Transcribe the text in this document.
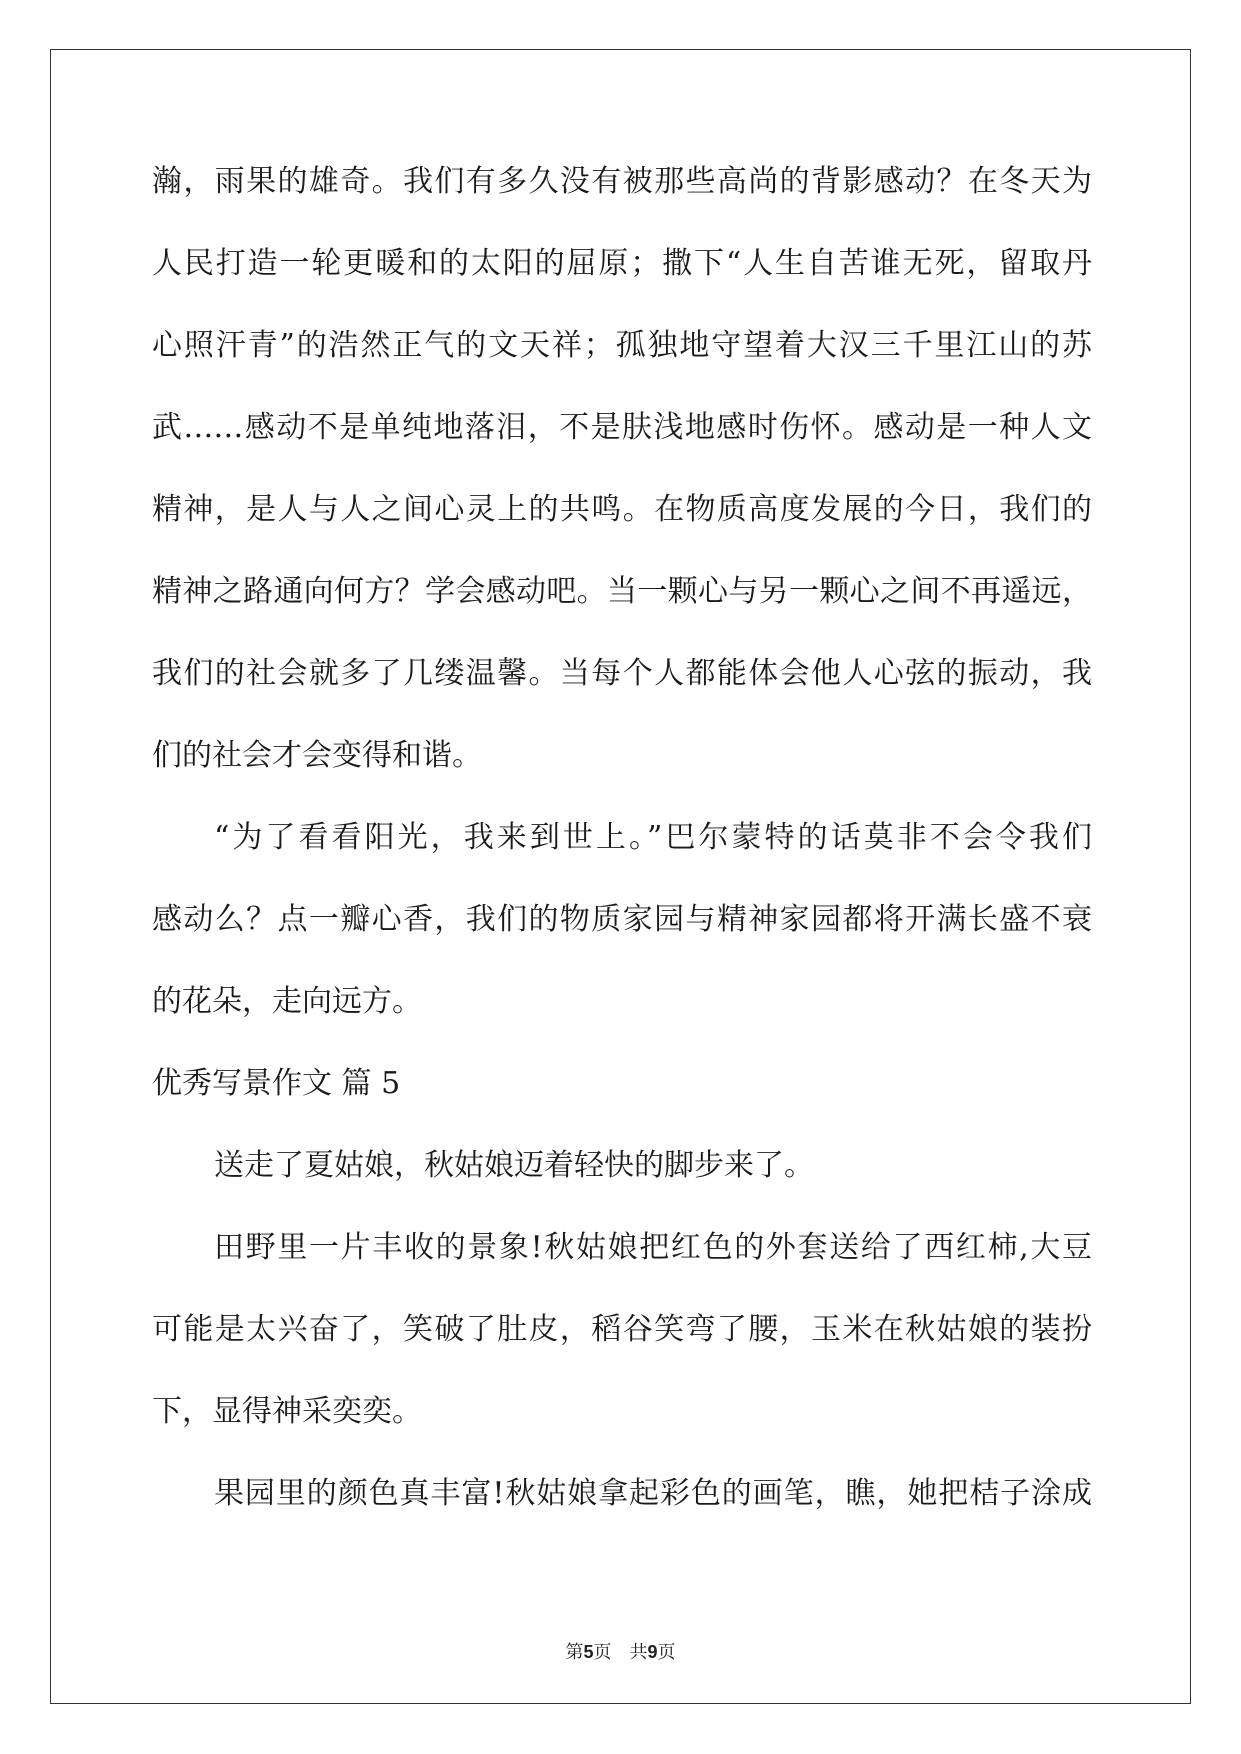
瀚，雨果的雄奇。我们有多久没有被那些高尚的背影感动？在冬天为
人民打造一轮更暖和的太阳的屈原；撒下“人生自苦谁无死，留取丹
心照汗青”的浩然正气的文天祥；孤独地守望着大汉三千里江山的苏
武……感动不是单纯地落泪，不是肤浅地感时伤怀。感动是一种人文
精神，是人与人之间心灵上的共鸣。在物质高度发展的今日，我们的
精神之路通向何方？学会感动吧。当一颗心与另一颗心之间不再遥远，
我们的社会就多了几缕温馨。当每个人都能体会他人心弦的振动，我
们的社会才会变得和谐。
“为了看看阳光，我来到世上。”巴尔蒙特的话莫非不会令我们
感动么？点一瓣心香，我们的物质家园与精神家园都将开满长盛不衰
的花朵，走向远方。
优秀写景作文 篇 5
送走了夏姑娘，秋姑娘迈着轻快的脚步来了。
田野里一片丰收的景象!秋姑娘把红色的外套送给了西红柿,大豆
可能是太兴奋了，笑破了肚皮，稻谷笑弯了腰，玉米在秋姑娘的装扮
下，显得神采奕奕。
果园里的颜色真丰富!秋姑娘拿起彩色的画笔，瞧，她把桔子涂成
第5页 共9页
